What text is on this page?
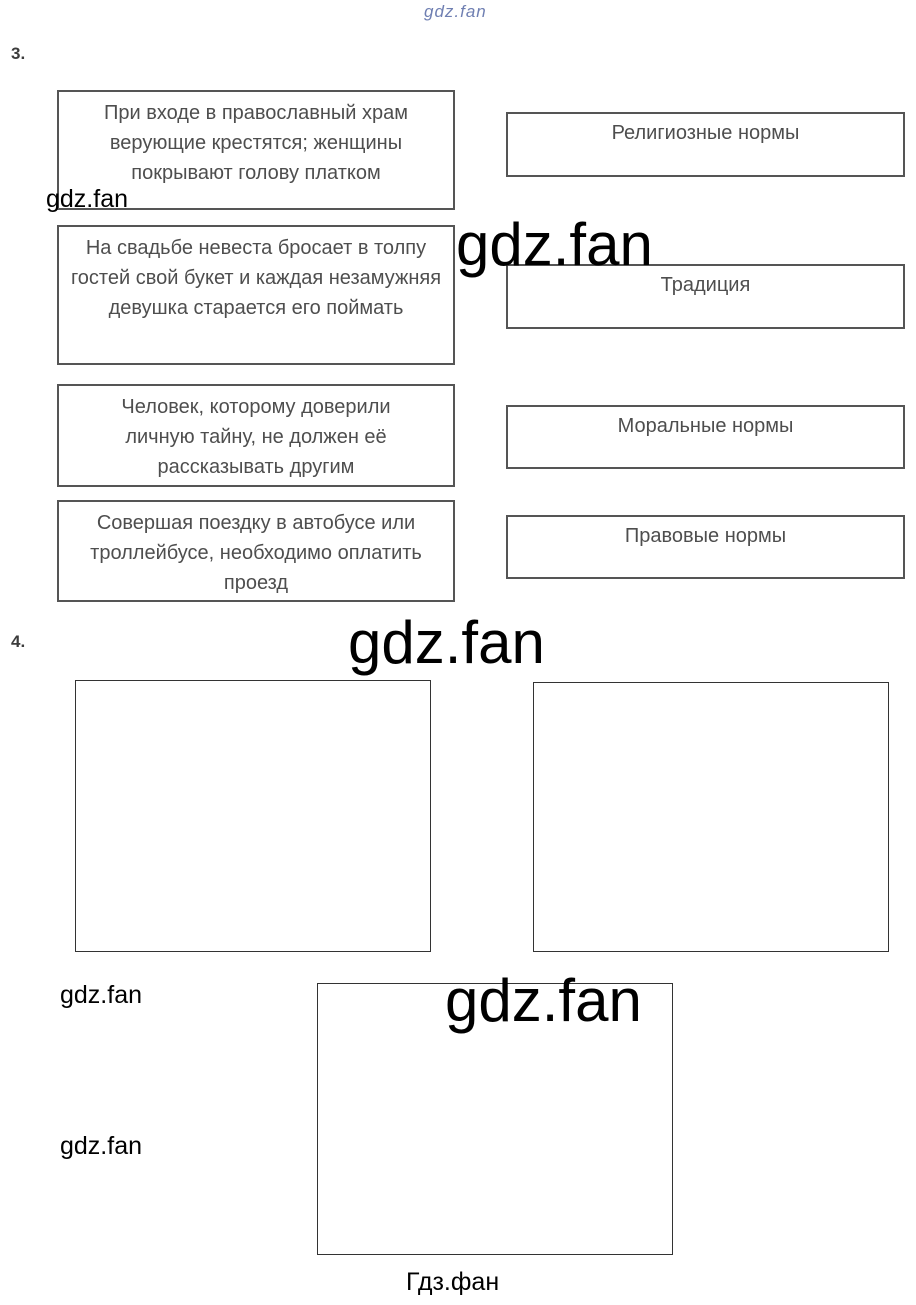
gdz.fan
3.
При входе в православный храм верующие крестятся; женщины покрывают голову платком
На свадьбе невеста бросает в толпу гостей свой букет и каждая незамужняя девушка старается его поймать
Человек, которому доверили личную тайну, не должен её рассказывать другим
Совершая поездку в автобусе или троллейбусе, необходимо оплатить проезд
Религиозные нормы
Традиция
Моральные нормы
Правовые нормы
4.
gdz.fan
gdz.fan
gdz.fan
gdz.fan	gdz.fan
gdz.fan
Гдз.фан
